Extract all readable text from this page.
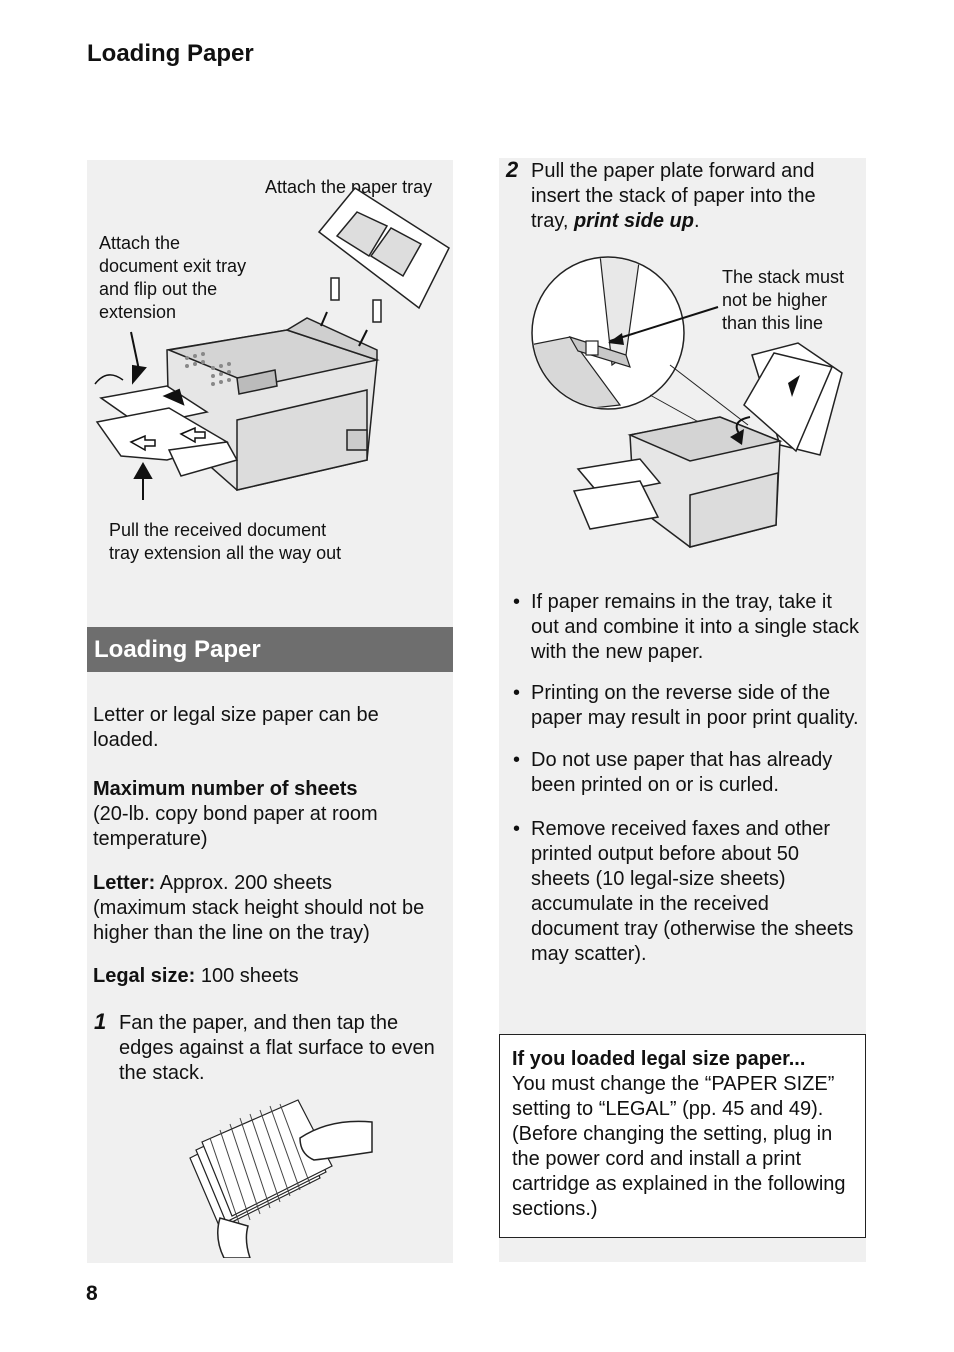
Loading Paper
Attach the paper tray
Attach the
document exit tray
and flip out the
extension
Pull the received document
tray extension all the way out
Loading Paper
Letter or legal size paper can be
loaded.
Maximum number of sheets
(20-lb. copy bond paper at room
temperature)
Letter: Approx. 200 sheets
(maximum stack height should not be
higher than the line on the tray)
Legal size: 100 sheets
1 Fan the paper, and then tap the
edges against a flat surface to even
the stack.
2 Pull the paper plate forward and
insert the stack of paper into the
tray, print side up.
The stack must
not be higher
than this line
• If paper remains in the tray, take it
out and combine it into a single stack
with the new paper.
• Printing on the reverse side of the
paper may result in poor print quality.
• Do not use paper that has already
been printed on or is curled.
• Remove received faxes and other
printed output before about 50
sheets (10 legal-size sheets)
accumulate in the received
document tray (otherwise the sheets
may scatter).
If you loaded legal size paper...
You must change the “PAPER SIZE”
setting to “LEGAL” (pp. 45 and 49).
(Before changing the setting, plug in
the power cord and install a print
cartridge as explained in the following
sections.)
8
